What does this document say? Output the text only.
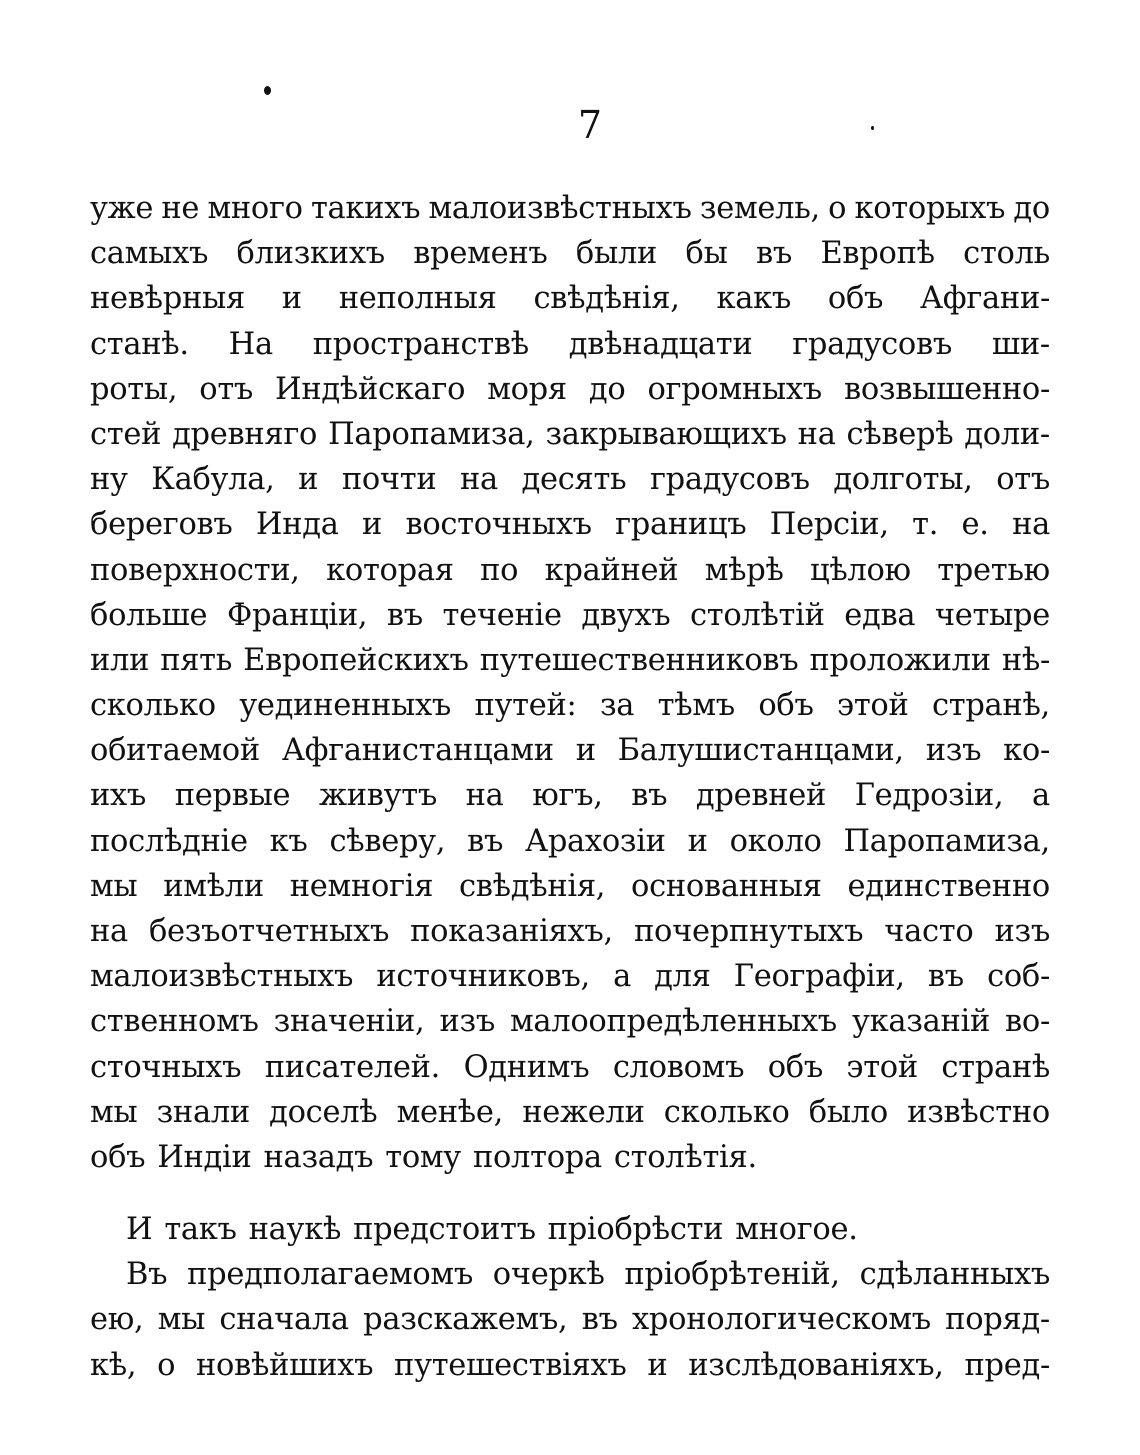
7
уже не много такихъ малоизвѣстныхъ земель, о которыхъ до
самыхъ близкихъ временъ были бы въ Европѣ столь
невѣрныя и неполныя свѣдѣнія, какъ объ Афгани-
станѣ. На пространствѣ двѣнадцати градусовъ ши-
роты, отъ Индѣйскаго моря до огромныхъ возвышенно-
стей древняго Паропамиза, закрывающихъ на сѣверѣ доли-
ну Кабула, и почти на десять градусовъ долготы, отъ
береговъ Инда и восточныхъ границъ Персіи, т. е. на
поверхности, которая по крайней мѣрѣ цѣлою третью
больше Франціи, въ теченіе двухъ столѣтій едва четыре
или пять Европейскихъ путешественниковъ проложили нѣ-
сколько уединенныхъ путей: за тѣмъ объ этой странѣ,
обитаемой Афганистанцами и Балушистанцами, изъ ко-
ихъ первые живутъ на югъ, въ древней Гедрозіи, а
послѣдніе къ сѣверу, въ Арахозіи и около Паропамиза,
мы имѣли немногія свѣдѣнія, основанныя единственно
на безъотчетныхъ показаніяхъ, почерпнутыхъ часто изъ
малоизвѣстныхъ источниковъ, а для Географіи, въ соб-
ственномъ значеніи, изъ малоопредѣленныхъ указаній во-
сточныхъ писателей. Однимъ словомъ объ этой странѣ
мы знали доселѣ менѣе, нежели сколько было извѣстно
объ Индіи назадъ тому полтора столѣтія.
И такъ наукѣ предстоитъ пріобрѣсти многое.
Въ предполагаемомъ очеркѣ пріобрѣтеній, сдѣланныхъ
ею, мы сначала разскажемъ, въ хронологическомъ поряд-
кѣ, о новѣйшихъ путешествіяхъ и изслѣдованіяхъ, пред-
